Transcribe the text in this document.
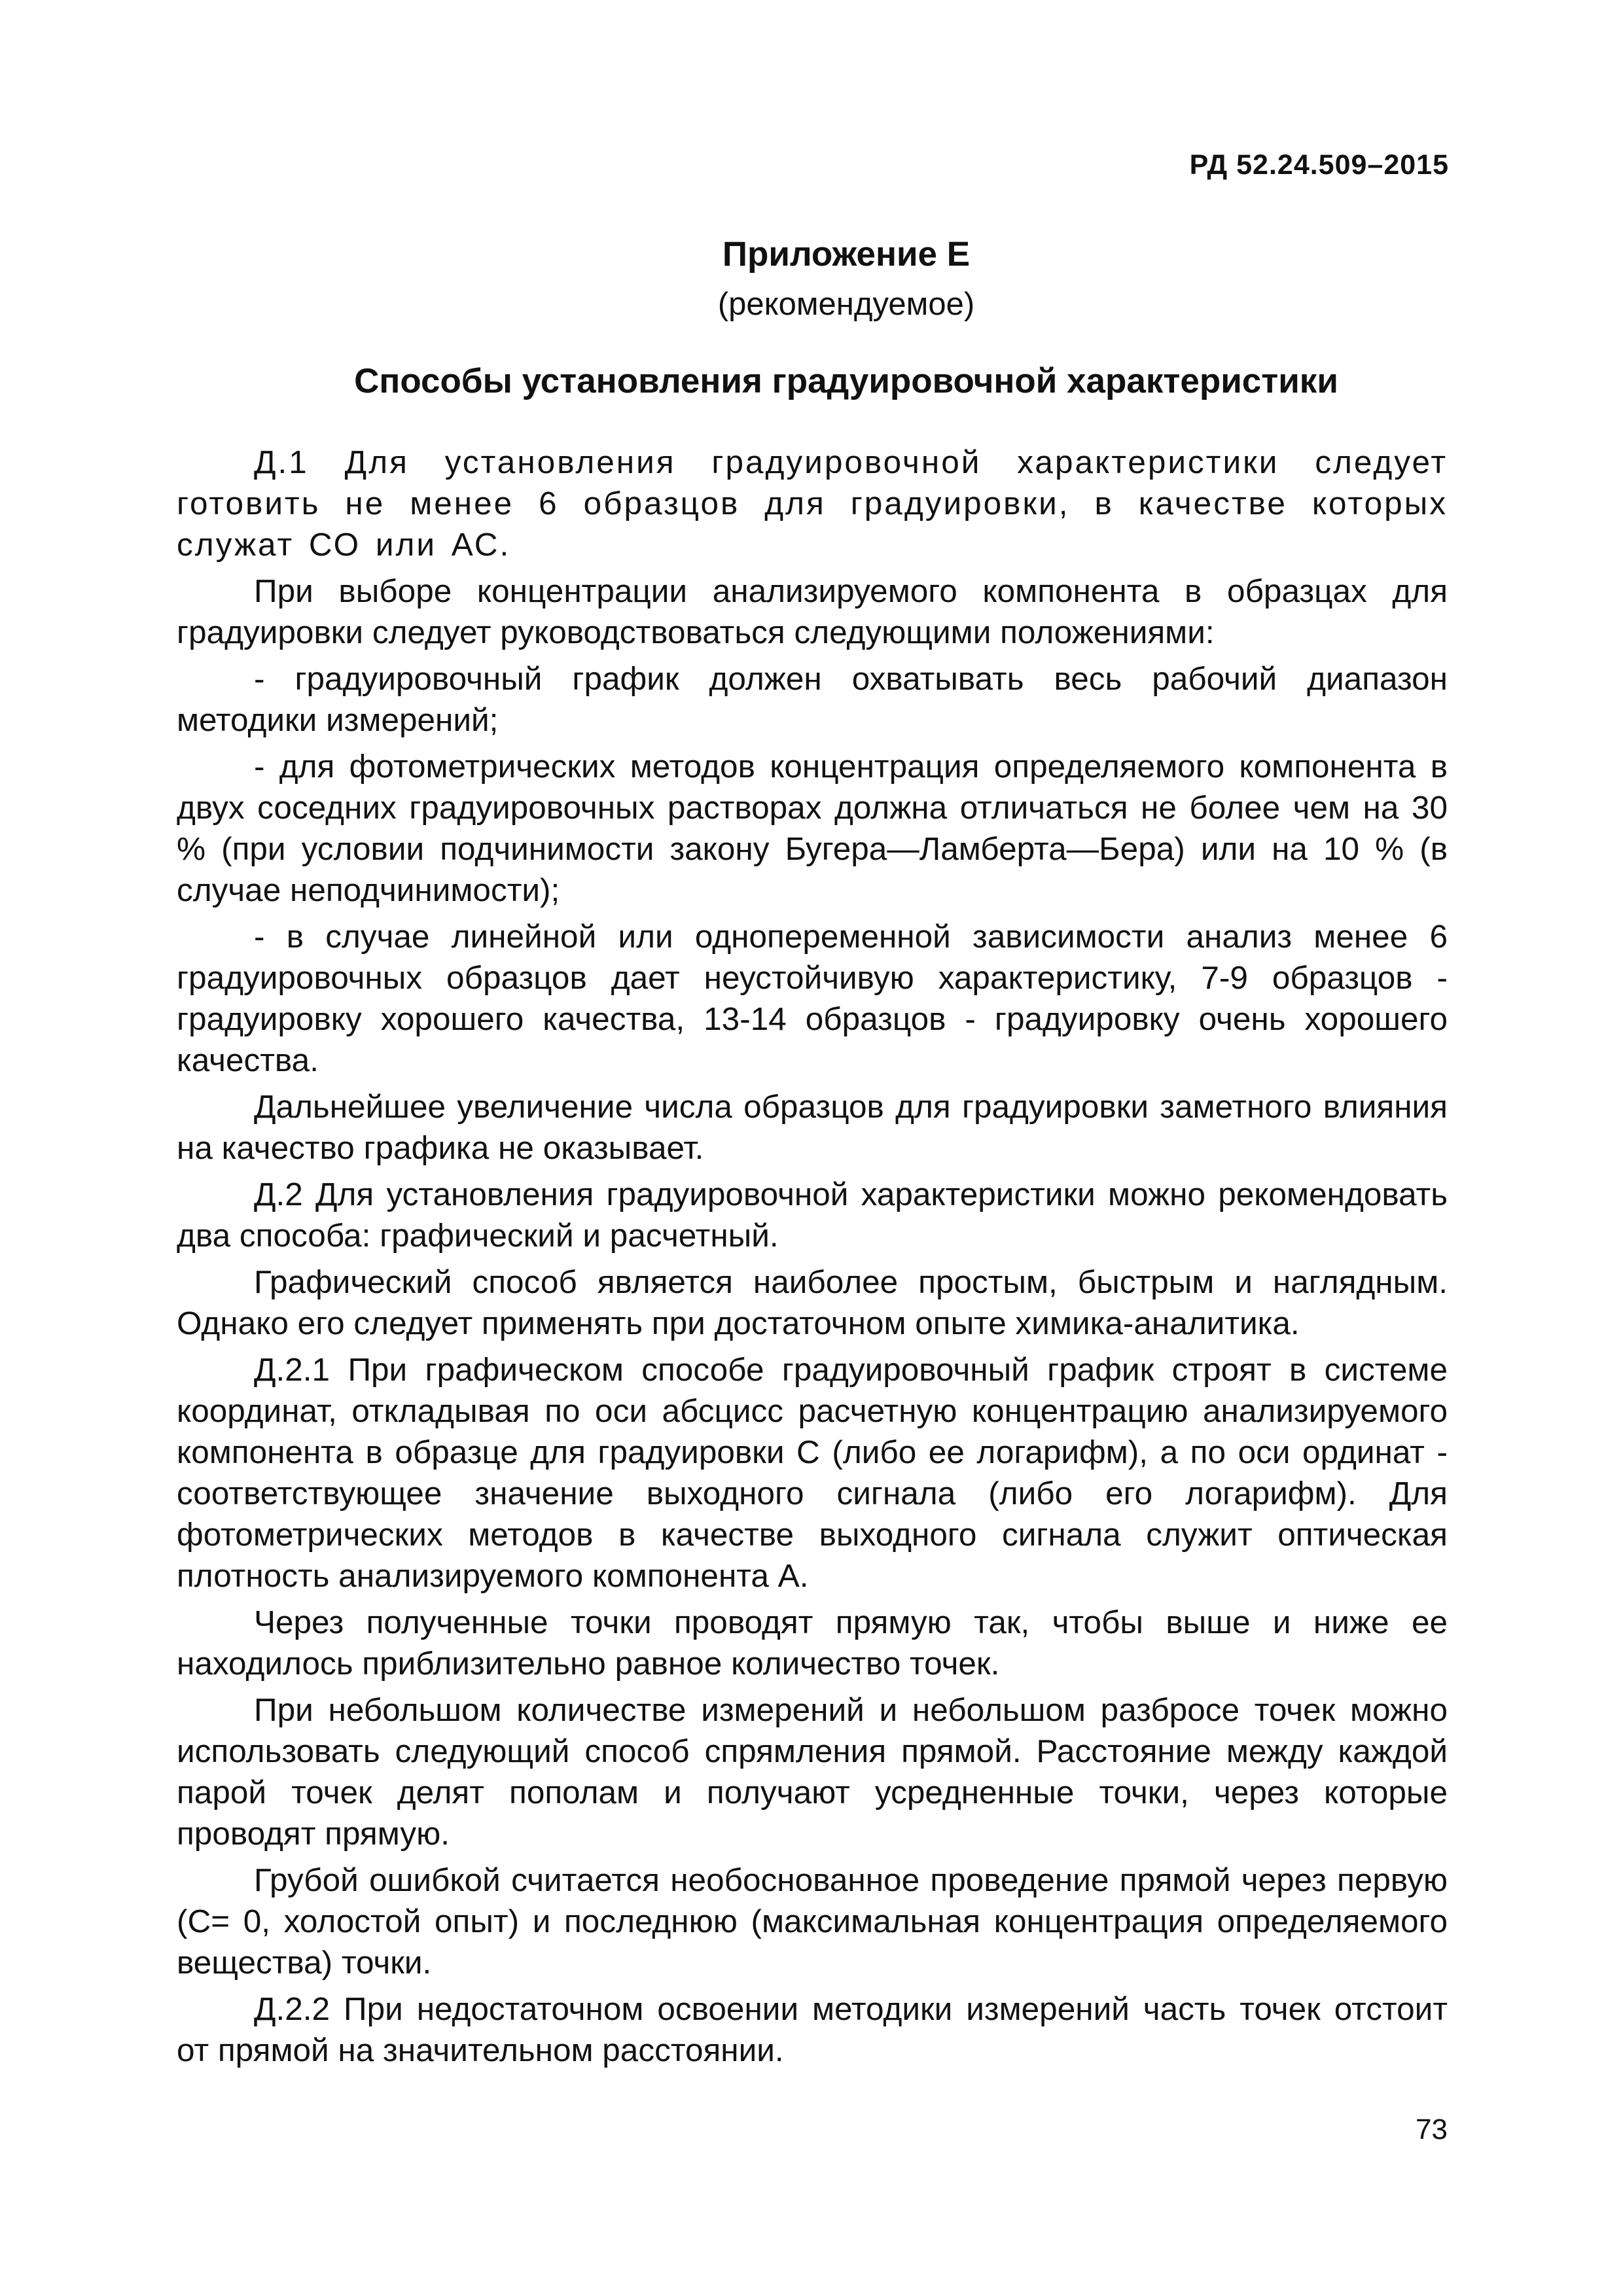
РД 52.24.509–2015

Приложение Е

(рекомендуемое)

Способы установления градуировочной характеристики

Д.1 Для установления градуировочной характеристики следует готовить не менее 6 образцов для градуировки, в качестве которых служат СО или АС.

При выборе концентрации анализируемого компонента в образцах для градуировки следует руководствоваться следующими положениями:

- градуировочный график должен охватывать весь рабочий диапазон методики измерений;

- для фотометрических методов концентрация определяемого компонента в двух соседних градуировочных растворах должна отличаться не более чем на 30 % (при условии подчинимости закону Бугера—Ламберта—Бера) или на 10 % (в случае неподчинимости);

- в случае линейной или однопеременной зависимости анализ менее 6 градуировочных образцов дает неустойчивую характеристику, 7-9 образцов - градуировку хорошего качества, 13-14 образцов - градуировку очень хорошего качества.

Дальнейшее увеличение числа образцов для градуировки заметного влияния на качество графика не оказывает.

Д.2 Для установления градуировочной характеристики можно рекомендовать два способа: графический и расчетный.

Графический способ является наиболее простым, быстрым и наглядным. Однако его следует применять при достаточном опыте химика-аналитика.

Д.2.1 При графическом способе градуировочный график строят в системе координат, откладывая по оси абсцисс расчетную концентрацию анализируемого компонента в образце для градуировки С (либо ее логарифм), а по оси ординат - соответствующее значение выходного сигнала (либо его логарифм). Для фотометрических методов в качестве выходного сигнала служит оптическая плотность анализируемого компонента А.

Через полученные точки проводят прямую так, чтобы выше и ниже ее находилось приблизительно равное количество точек.

При небольшом количестве измерений и небольшом разбросе точек можно использовать следующий способ спрямления прямой. Расстояние между каждой парой точек делят пополам и получают усредненные точки, через которые проводят прямую.

Грубой ошибкой считается необоснованное проведение прямой через первую (С= 0, холостой опыт) и последнюю (максимальная концентрация определяемого вещества) точки.

Д.2.2 При недостаточном освоении методики измерений часть точек отстоит от прямой на значительном расстоянии.

73
